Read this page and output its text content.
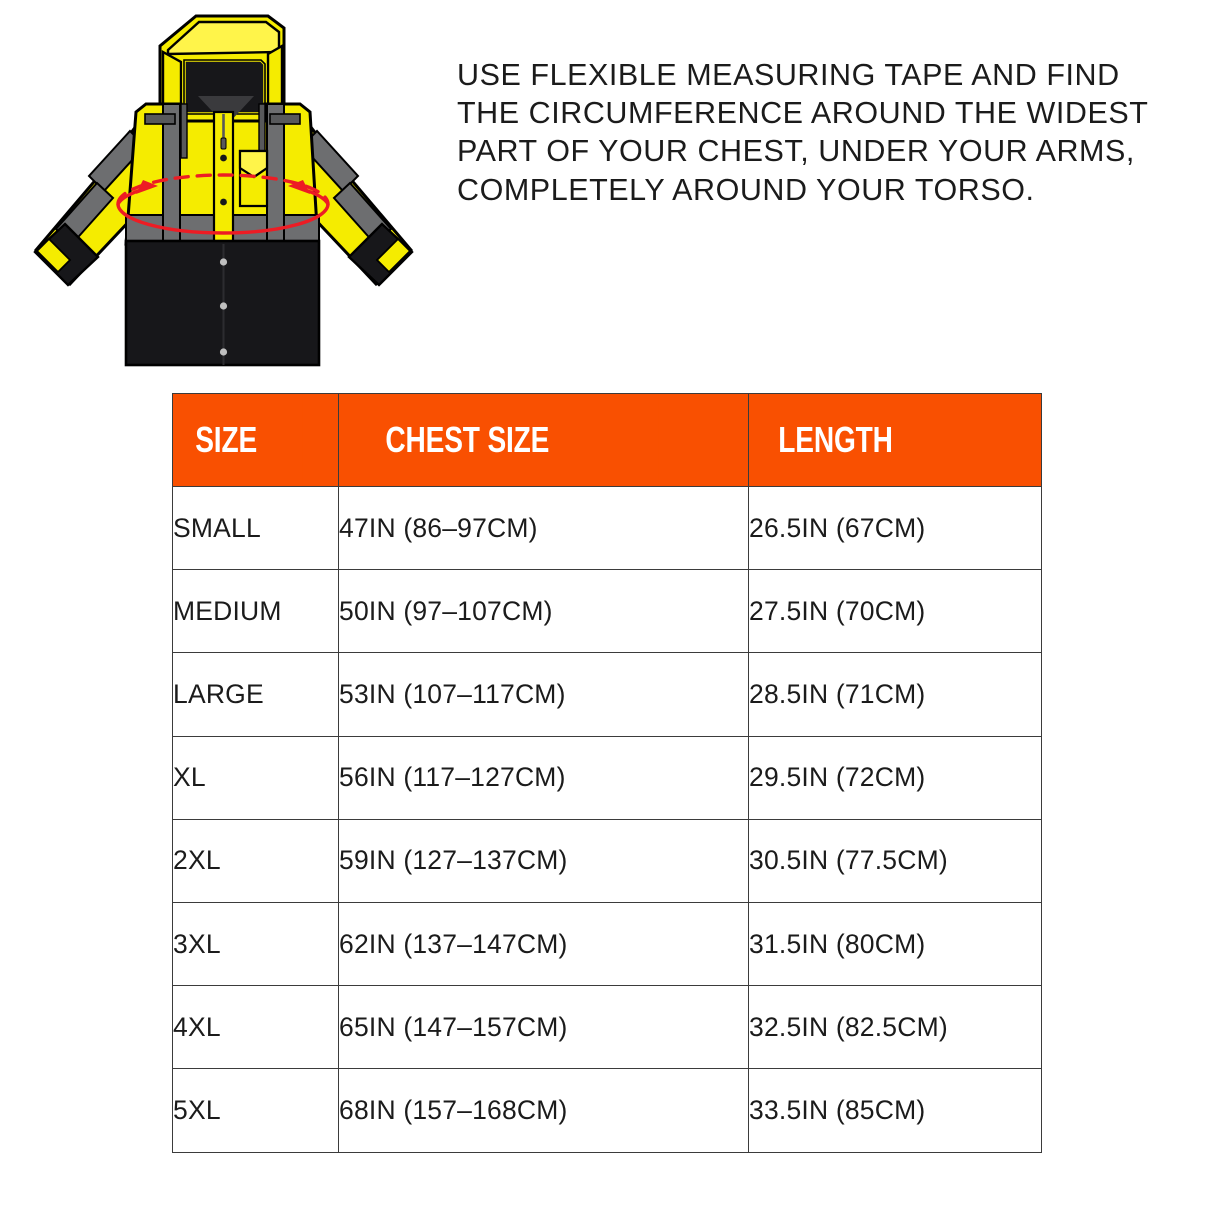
USE FLEXIBLE MEASURING TAPE AND FIND THE CIRCUMFERENCE AROUND THE WIDEST PART OF YOUR CHEST, UNDER YOUR ARMS, COMPLETELY AROUND YOUR TORSO.

SIZE	CHEST SIZE	LENGTH

SMALL	47IN (86–97CM)	26.5IN (67CM)
MEDIUM	50IN (97–107CM)	27.5IN (70CM)
LARGE	53IN (107–117CM)	28.5IN (71CM)
XL	56IN (117–127CM)	29.5IN (72CM)
2XL	59IN (127–137CM)	30.5IN (77.5CM)
3XL	62IN (137–147CM)	31.5IN (80CM)
4XL	65IN (147–157CM)	32.5IN (82.5CM)
5XL	68IN (157–168CM)	33.5IN (85CM)
